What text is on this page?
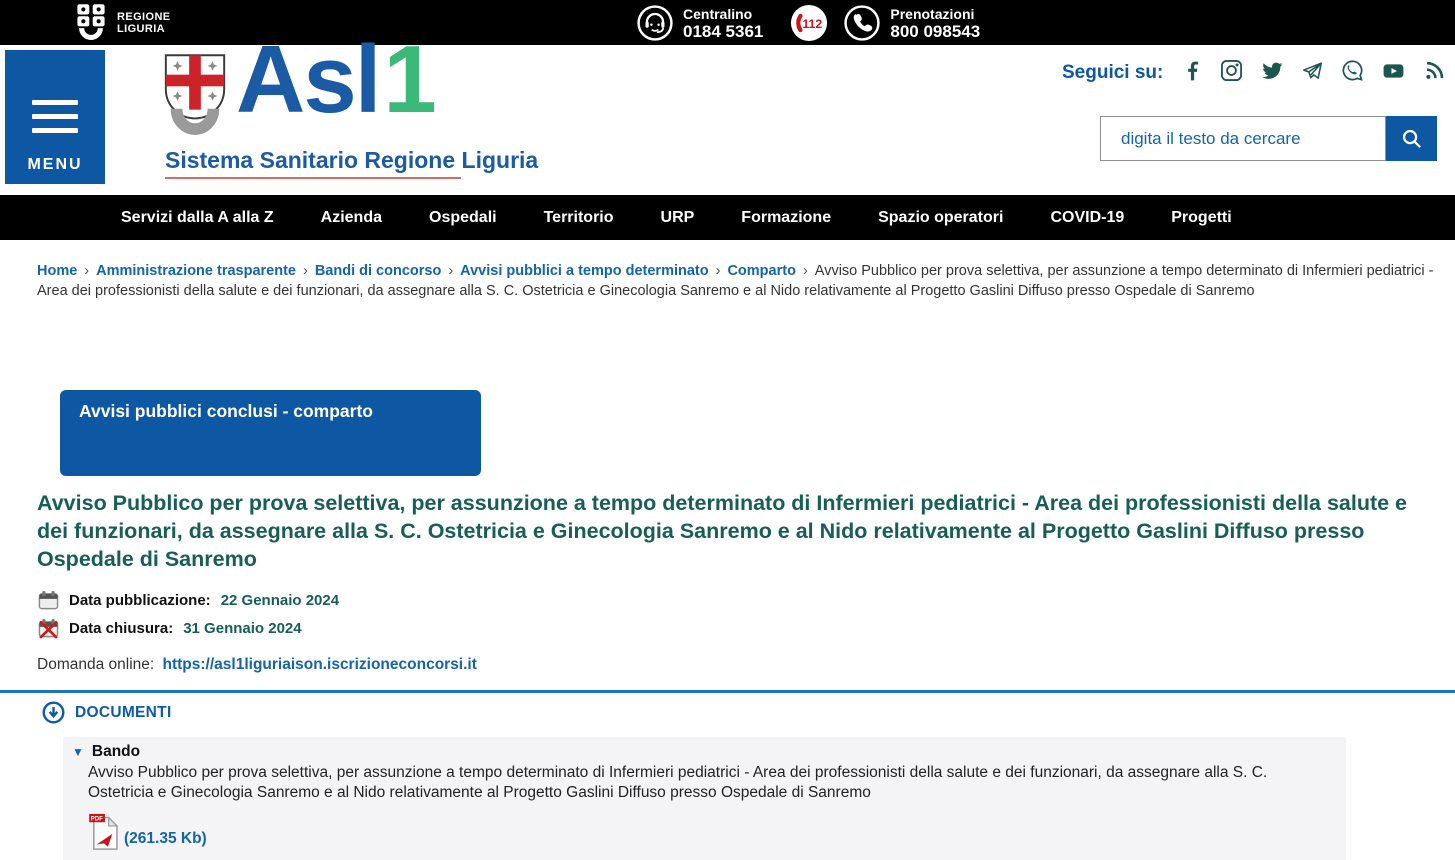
REGIONE
LIGURIA
Centralino
0184 5361	112
Prenotazioni
800 098543
MENU
Asl1
Sistema Sanitario Regione Liguria
Seguici su:
digita il testo da cercare
Servizi dalla A alla Z	Azienda	Ospedali	Territorio	URP	Formazione	Spazio operatori	COVID-19	Progetti
Home › Amministrazione trasparente › Bandi di concorso › Avvisi pubblici a tempo determinato › Comparto › Avviso Pubblico per prova selettiva, per assunzione a tempo determinato di Infermieri pediatrici - Area dei professionisti della salute e dei funzionari, da assegnare alla S. C. Ostetricia e Ginecologia Sanremo e al Nido relativamente al Progetto Gaslini Diffuso presso Ospedale di Sanremo
Avvisi pubblici conclusi - comparto
Avviso Pubblico per prova selettiva, per assunzione a tempo determinato di Infermieri pediatrici - Area dei professionisti della salute e dei funzionari, da assegnare alla S. C. Ostetricia e Ginecologia Sanremo e al Nido relativamente al Progetto Gaslini Diffuso presso Ospedale di Sanremo
Data pubblicazione: 22 Gennaio 2024
Data chiusura: 31 Gennaio 2024
Domanda online: https://asl1liguriaison.iscrizioneconcorsi.it
DOCUMENTI
▼ Bando
Avviso Pubblico per prova selettiva, per assunzione a tempo determinato di Infermieri pediatrici - Area dei professionisti della salute e dei funzionari, da assegnare alla S. C. Ostetricia e Ginecologia Sanremo e al Nido relativamente al Progetto Gaslini Diffuso presso Ospedale di Sanremo
PDF
(261.35 Kb)
